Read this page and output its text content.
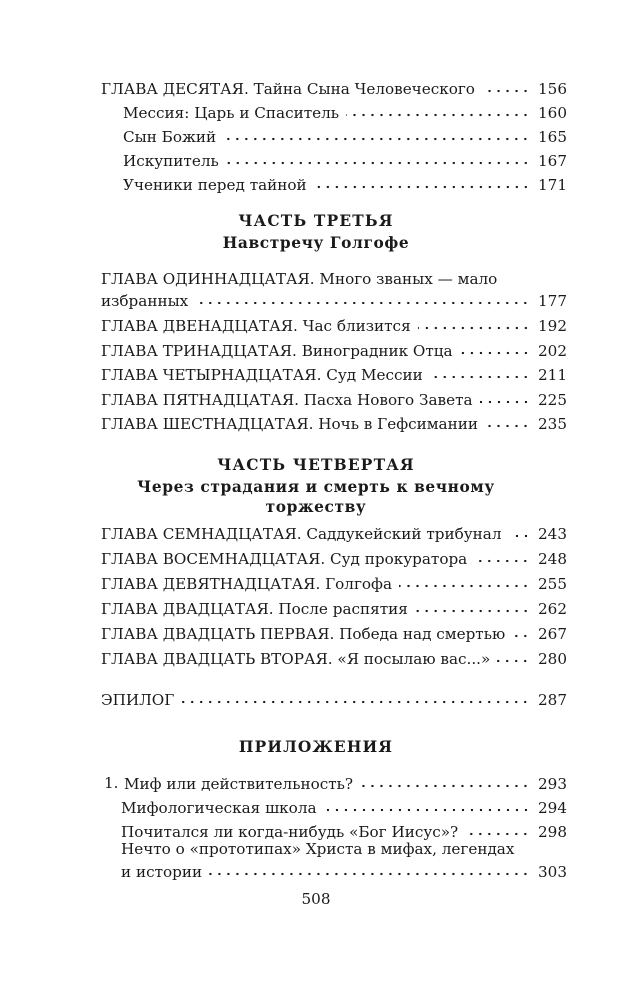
ГЛАВА ДЕСЯТАЯ. Тайна Сына Человеческого	156
Мессия: Царь и Спаситель	160
Сын Божий	165
Искупитель	167
Ученики перед тайной	171
ЧАСТЬ ТРЕТЬЯ
Навстречу Голгофе
ГЛАВА ОДИННАДЦАТАЯ. Много званых — мало
избранных	177
ГЛАВА ДВЕНАДЦАТАЯ. Час близится	192
ГЛАВА ТРИНАДЦАТАЯ. Виноградник Отца	202
ГЛАВА ЧЕТЫРНАДЦАТАЯ. Суд Мессии	211
ГЛАВА ПЯТНАДЦАТАЯ. Пасха Нового Завета	225
ГЛАВА ШЕСТНАДЦАТАЯ. Ночь в Гефсимании	235
ЧАСТЬ ЧЕТВЕРТАЯ
Через страдания и смерть к вечному
торжеству
ГЛАВА СЕМНАДЦАТАЯ. Саддукейский трибунал 243
ГЛАВА ВОСЕМНАДЦАТАЯ. Суд прокуратора	248
ГЛАВА ДЕВЯТНАДЦАТАЯ. Голгофа	255
ГЛАВА ДВАДЦАТАЯ. После распятия	262
ГЛАВА ДВАДЦАТЬ ПЕРВАЯ. Победа над смертью 267
ГЛАВА ДВАДЦАТЬ ВТОРАЯ. «Я посылаю вас...»	280
ЭПИЛОГ	287
ПРИЛОЖЕНИЯ
1. Миф или действительность?	293
Мифологическая школа	294
Почитался ли когда-нибудь «Бог Иисус»?	298
Нечто о «прототипах» Христа в мифах, легендах
и истории	303
508
